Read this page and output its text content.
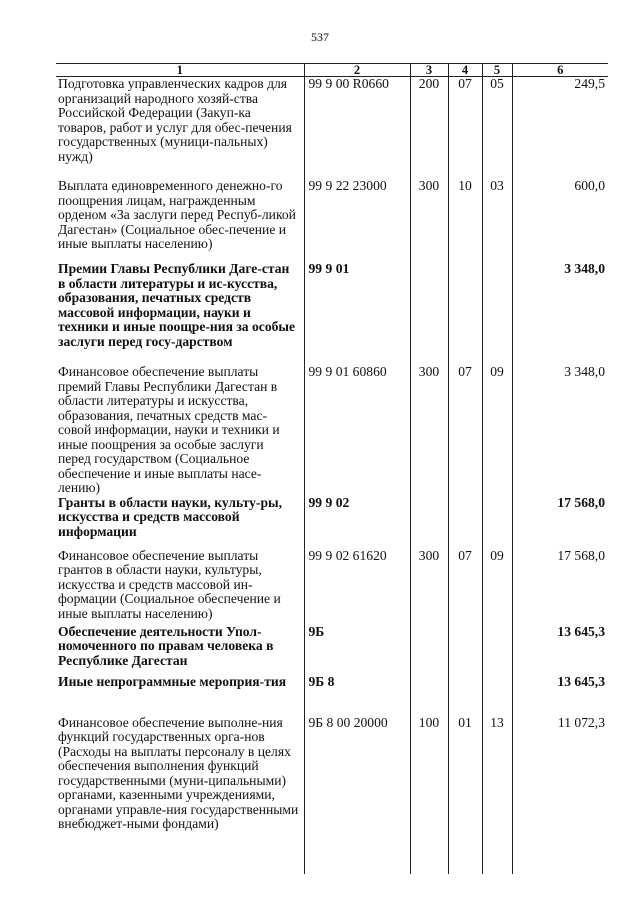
537
1	2	3	4	5	6
Подготовка управленческих кадров для организаций народного хозяй-ства Российской Федерации (Закуп-ка товаров, работ и услуг для обес-печения государственных (муници-пальных) нужд)	99 9 00 R0660	200	07	05	249,5
Выплата единовременного денежно-го поощрения лицам, награжденным орденом «За заслуги перед Респуб-ликой Дагестан» (Социальное обес-печение и иные выплаты населению)	99 9 22 23000	300	10	03	600,0
Премии Главы Республики Даге-стан в области литературы и ис-кусства, образования, печатных средств массовой информации, науки и техники и иные поощре-ния за особые заслуги перед госу-дарством	99 9 01				3 348,0
Финансовое обеспечение выплаты премий Главы Республики Дагестан в области литературы и искусства, образования, печатных средств мас-совой информации, науки и техники и иные поощрения за особые заслуги перед государством (Социальное обеспечение и иные выплаты насе-лению)	99 9 01 60860	300	07	09	3 348,0
Гранты в области науки, культу-ры, искусства и средств массовой информации	99 9 02				17 568,0
Финансовое обеспечение выплаты грантов в области науки, культуры, искусства и средств массовой ин-формации (Социальное обеспечение и иные выплаты населению)	99 9 02 61620	300	07	09	17 568,0
Обеспечение деятельности Упол-номоченного по правам человека в Республике Дагестан	9Б				13 645,3
Иные непрограммные мероприя-тия	9Б 8				13 645,3
Финансовое обеспечение выполне-ния функций государственных орга-нов (Расходы на выплаты персоналу в целях обеспечения выполнения функций государственными (муни-ципальными) органами, казенными учреждениями, органами управле-ния государственными внебюджет-ными фондами)	9Б 8 00 20000	100	01	13	11 072,3
